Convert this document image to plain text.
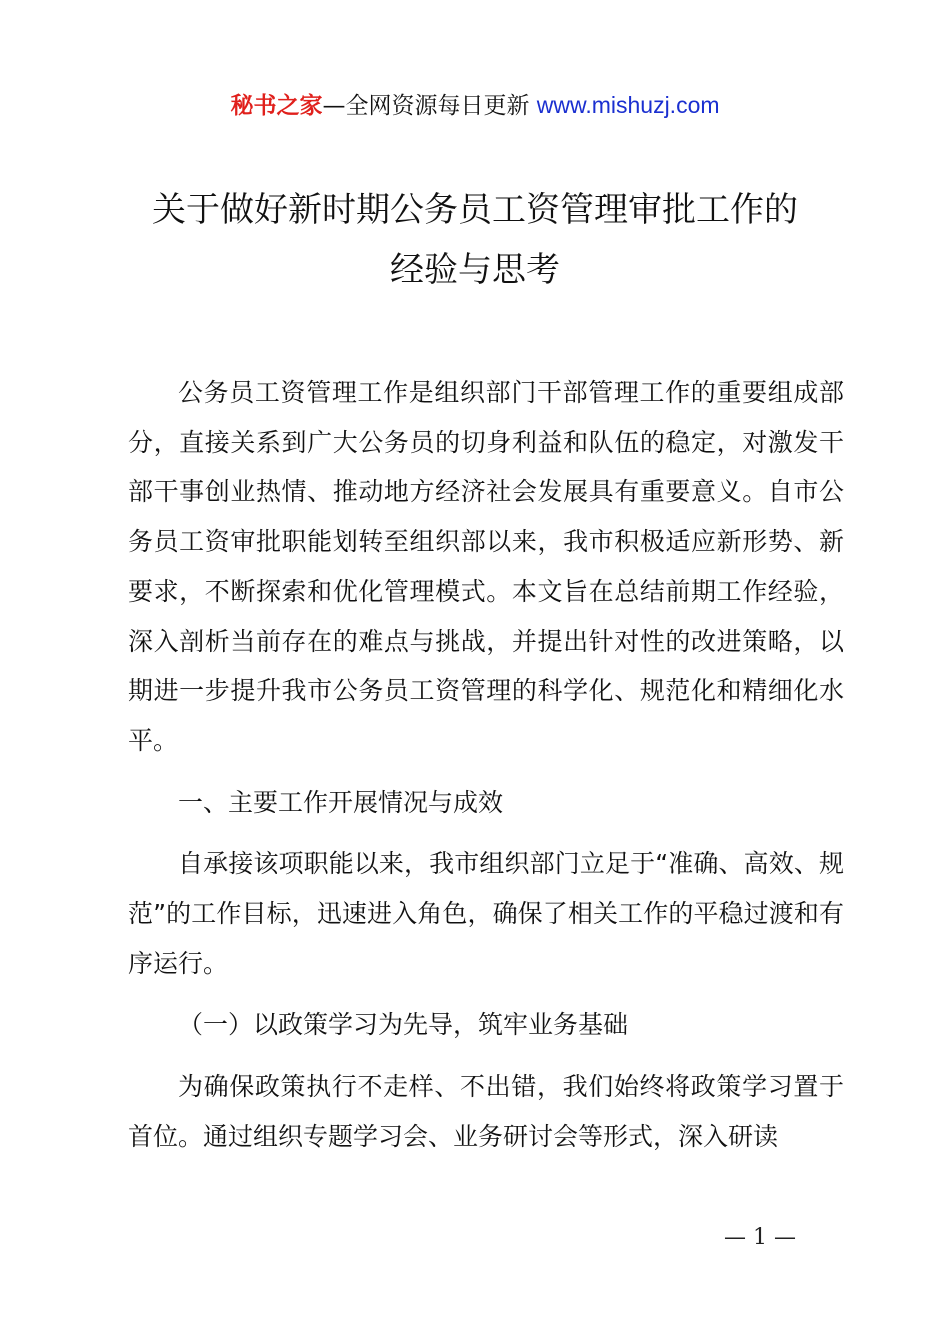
秘书之家—全网资源每日更新 www.mishuzj.com
关于做好新时期公务员工资管理审批工作的
经验与思考

公务员工资管理工作是组织部门干部管理工作的重要组成部分，直接关系到广大公务员的切身利益和队伍的稳定，对激发干部干事创业热情、推动地方经济社会发展具有重要意义。自市公务员工资审批职能划转至组织部以来，我市积极适应新形势、新要求，不断探索和优化管理模式。本文旨在总结前期工作经验，深入剖析当前存在的难点与挑战，并提出针对性的改进策略，以期进一步提升我市公务员工资管理的科学化、规范化和精细化水平。

一、主要工作开展情况与成效

自承接该项职能以来，我市组织部门立足于“准确、高效、规范”的工作目标，迅速进入角色，确保了相关工作的平稳过渡和有序运行。

（一）以政策学习为先导，筑牢业务基础

为确保政策执行不走样、不出错，我们始终将政策学习置于首位。通过组织专题学习会、业务研讨会等形式，深入研读

— 1 —
